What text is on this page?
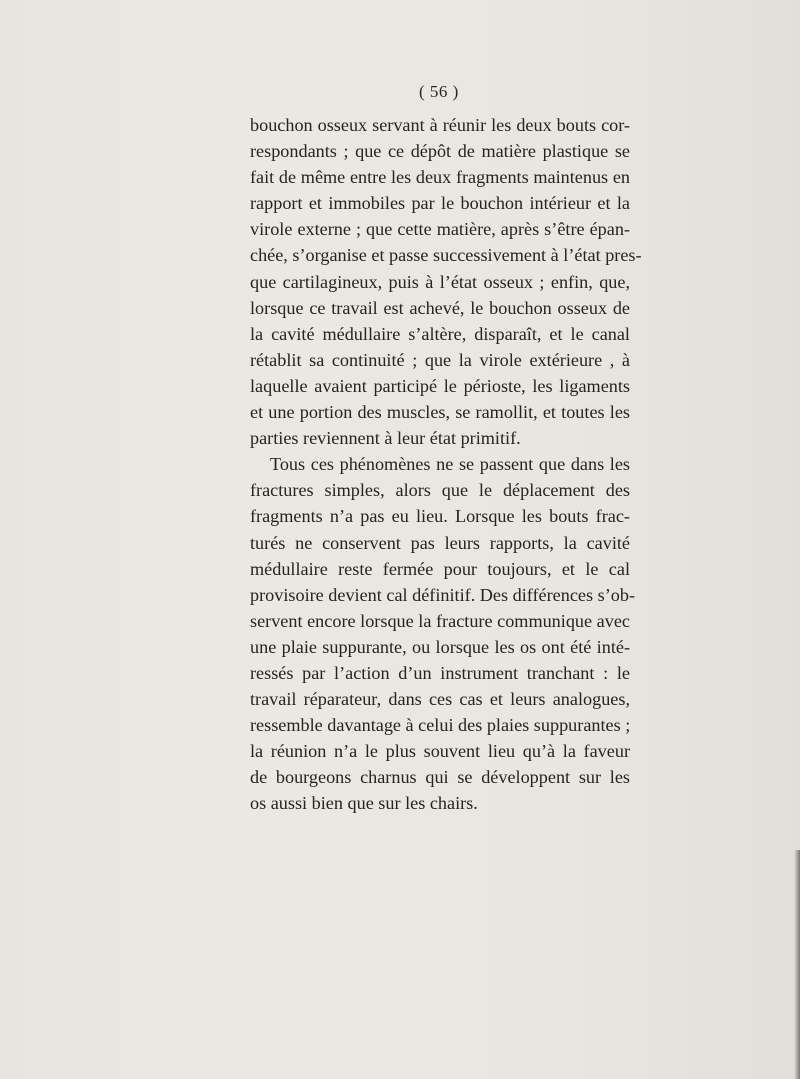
( 56 )
bouchon osseux servant à réunir les deux bouts cor-
respondants ; que ce dépôt de matière plastique se
fait de même entre les deux fragments maintenus en
rapport et immobiles par le bouchon intérieur et la
virole externe ; que cette matière, après s’être épan-
chée, s’organise et passe successivement à l’état pres-
que cartilagineux, puis à l’état osseux ; enfin, que,
lorsque ce travail est achevé, le bouchon osseux de
la cavité médullaire s’altère, disparaît, et le canal
rétablit sa continuité ; que la virole extérieure , à
laquelle avaient participé le périoste, les ligaments
et une portion des muscles, se ramollit, et toutes les
parties reviennent à leur état primitif.
Tous ces phénomènes ne se passent que dans les
fractures simples, alors que le déplacement des
fragments n’a pas eu lieu. Lorsque les bouts frac-
turés ne conservent pas leurs rapports, la cavité
médullaire reste fermée pour toujours, et le cal
provisoire devient cal définitif. Des différences s’ob-
servent encore lorsque la fracture communique avec
une plaie suppurante, ou lorsque les os ont été inté-
ressés par l’action d’un instrument tranchant : le
travail réparateur, dans ces cas et leurs analogues,
ressemble davantage à celui des plaies suppurantes ;
la réunion n’a le plus souvent lieu qu’à la faveur
de bourgeons charnus qui se développent sur les
os aussi bien que sur les chairs.
